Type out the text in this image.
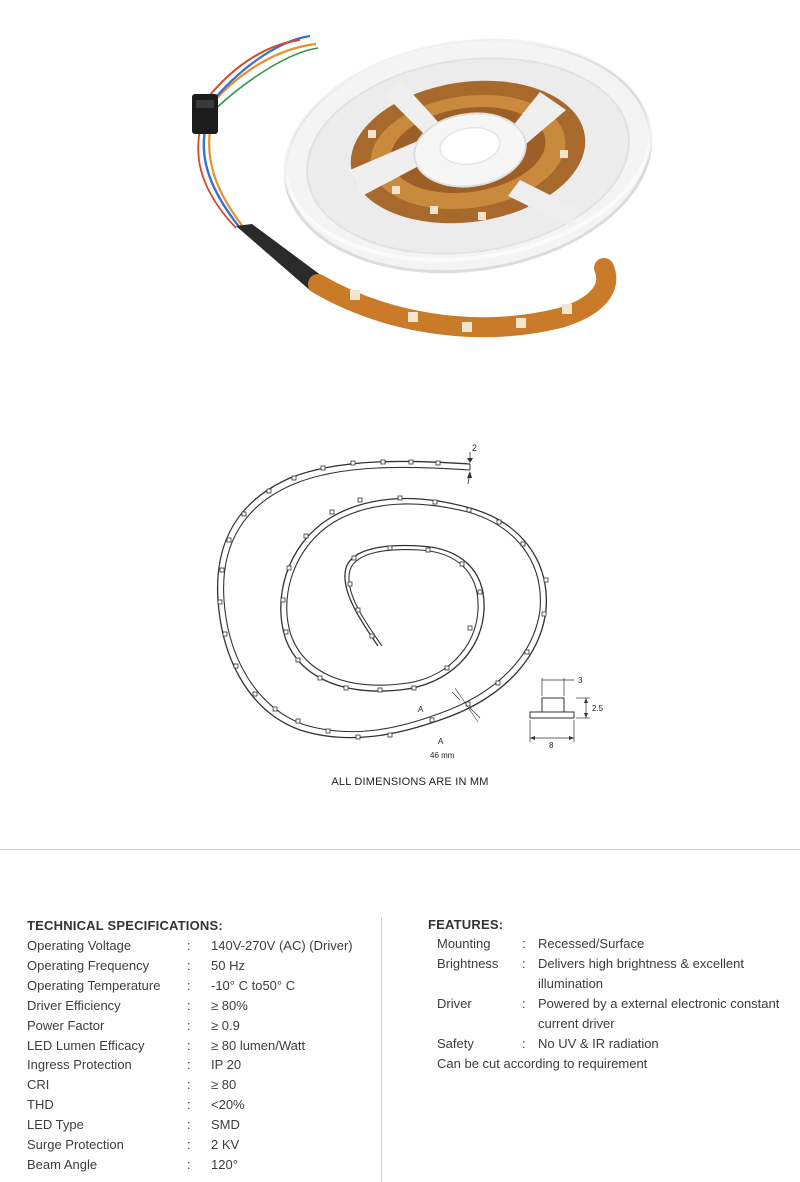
2
A
A
46 mm
3
2.5
8
ALL DIMENSIONS ARE IN MM
TECHNICAL SPECIFICATIONS:
Operating Voltage	: 140V-270V (AC) (Driver)
Operating Frequency	: 50 Hz
Operating Temperature : -10° C to50° C
Driver Efficiency	: ≥ 80%
Power Factor	: ≥ 0.9
LED Lumen Efficacy	: ≥ 80 lumen/Watt
Ingress Protection	: IP 20
CRI	: ≥ 80
THD	: <20%
LED Type	: SMD
Surge Protection	: 2 KV
Beam Angle	: 120°
FEATURES:
Mounting : Recessed/Surface
Brightness : Delivers high brightness & excellent illumination
Driver	: Powered by a external electronic constant current driver
Safety	: No UV & IR radiation
Can be cut according to requirement
